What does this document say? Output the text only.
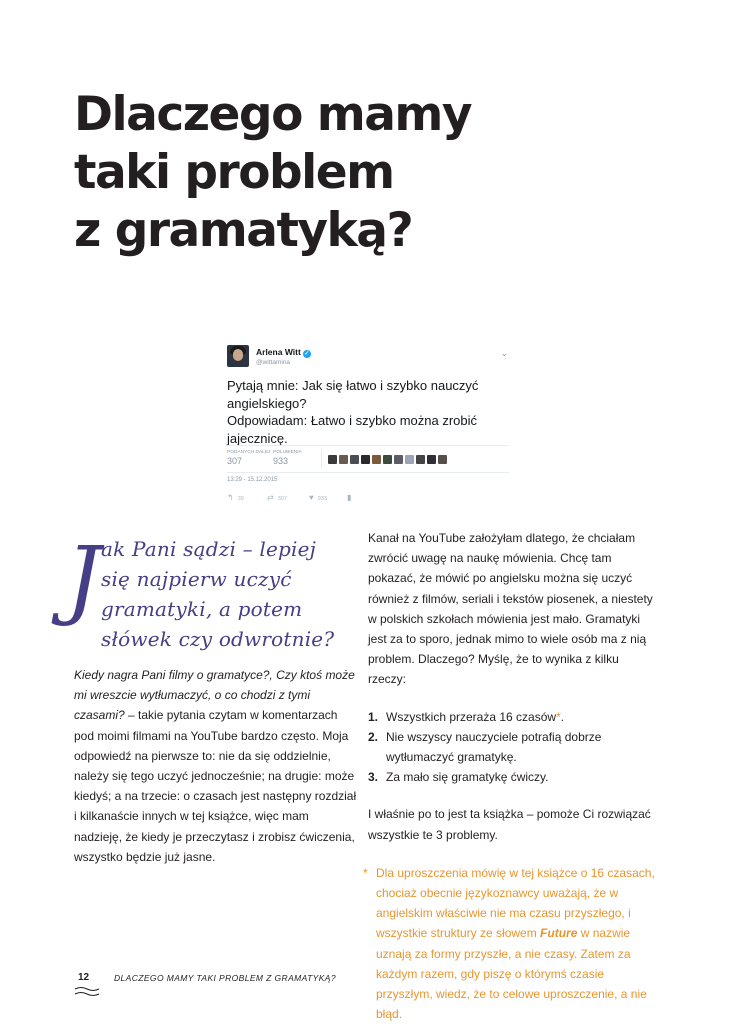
Dlaczego mamy
taki problem
z gramatyką?
Arlena Witt ✓
@wittamina
⌄

Pytają mnie: Jak się łatwo i szybko nauczyć angielskiego?
Odpowiadam: Łatwo i szybko można zrobić jajecznicę.

PODANYCH DALEJ
307
POLUBIENIA
933
13:29 - 15.12.2015
↰ 39	⇄ 307	♥ 933	▮
J ak Pani sądzi – lepiej
się najpierw uczyć
gramatyki, a potem
słówek czy odwrotnie?

Kiedy nagra Pani filmy o gramatyce?, Czy ktoś może mi wreszcie wytłumaczyć, o co chodzi z tymi czasami? – takie pytania czytam w komentarzach pod moimi filmami na YouTube bardzo często. Moja odpowiedź na pierwsze to: nie da się oddzielnie, należy się tego uczyć jednocześnie; na drugie: może kiedyś; a na trzecie: o czasach jest następny rozdział i kilkanaście innych w tej książce, więc mam nadzieję, że kiedy je przeczytasz i zrobisz ćwiczenia, wszystko będzie już jasne.

Kanał na YouTube założyłam dlatego, że chciałam zwrócić uwagę na naukę mówienia. Chcę tam pokazać, że mówić po angielsku można się uczyć również z filmów, seriali i tekstów piosenek, a niestety w polskich szkołach mówienia jest mało. Gramatyki jest za to sporo, jednak mimo to wiele osób ma z nią problem. Dlaczego? Myślę, że to wynika z kilku rzeczy:

1. Wszystkich przeraża 16 czasów*.
2. Nie wszyscy nauczyciele potrafią dobrze wytłumaczyć gramatykę.
3. Za mało się gramatykę ćwiczy.

I właśnie po to jest ta książka – pomoże Ci rozwiązać wszystkie te 3 problemy.

* Dla uproszczenia mówię w tej książce o 16 czasach, chociaż obecnie językoznawcy uważają, że w angielskim właściwie nie ma czasu przyszłego, i wszystkie struktury ze słowem Future w nazwie uznają za formy przyszłe, a nie czasy. Zatem za każdym razem, gdy piszę o którymś czasie przyszłym, wiedz, że to celowe uproszczenie, a nie błąd.

12	DLACZEGO MAMY TAKI PROBLEM Z GRAMATYKĄ?
